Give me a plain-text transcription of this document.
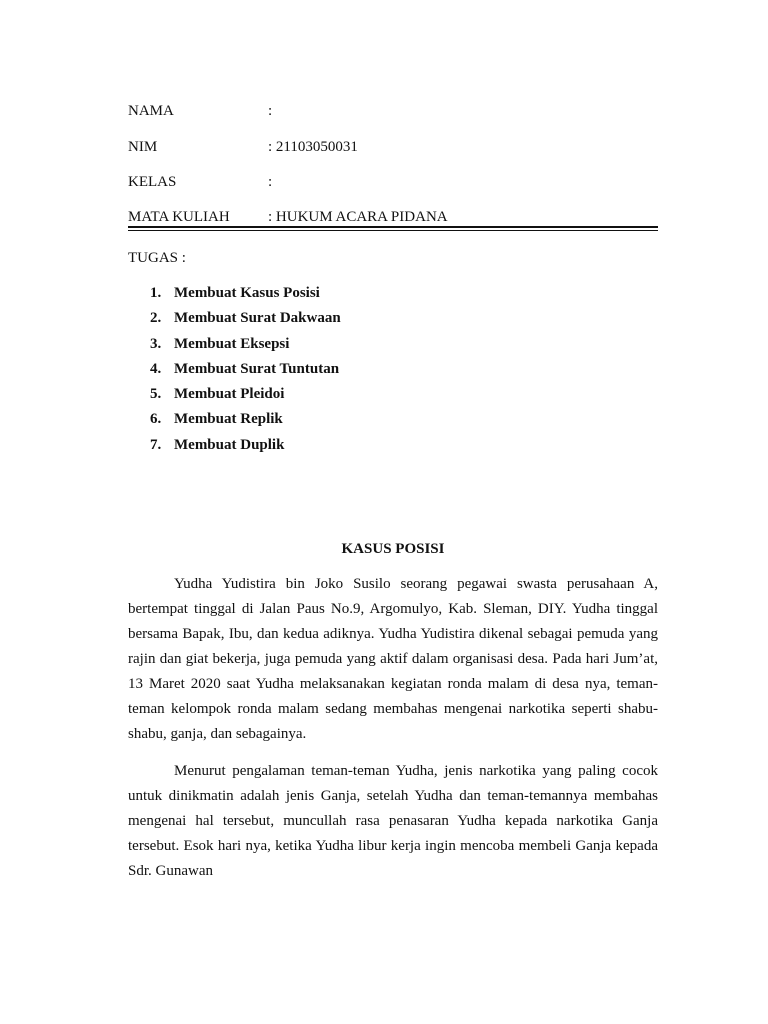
NAMA	:
NIM	: 21103050031
KELAS	:
MATA KULIAH	: HUKUM ACARA PIDANA
TUGAS :
1. Membuat Kasus Posisi
2. Membuat Surat Dakwaan
3. Membuat Eksepsi
4. Membuat Surat Tuntutan
5. Membuat Pleidoi
6. Membuat Replik
7. Membuat Duplik
KASUS POSISI

Yudha Yudistira bin Joko Susilo seorang pegawai swasta perusahaan A, bertempat tinggal di Jalan Paus No.9, Argomulyo, Kab. Sleman, DIY. Yudha tinggal bersama Bapak, Ibu, dan kedua adiknya. Yudha Yudistira dikenal sebagai pemuda yang rajin dan giat bekerja, juga pemuda yang aktif dalam organisasi desa. Pada hari Jum’at, 13 Maret 2020 saat Yudha melaksanakan kegiatan ronda malam di desa nya, teman-teman kelompok ronda malam sedang membahas mengenai narkotika seperti shabu-shabu, ganja, dan sebagainya.

Menurut pengalaman teman-teman Yudha, jenis narkotika yang paling cocok untuk dinikmatin adalah jenis Ganja, setelah Yudha dan teman-temannya membahas mengenai hal tersebut, muncullah rasa penasaran Yudha kepada narkotika Ganja tersebut. Esok hari nya, ketika Yudha libur kerja ingin mencoba membeli Ganja kepada Sdr. Gunawan
